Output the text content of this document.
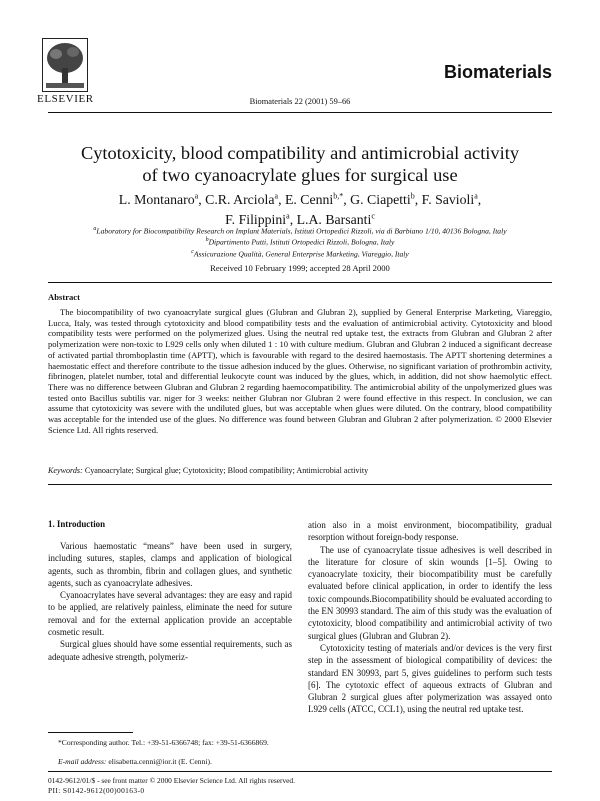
ELSEVIER	Biomaterials 22 (2001) 59–66
Biomaterials
Cytotoxicity, blood compatibility and antimicrobial activity
of two cyanoacrylate glues for surgical use
L. Montanaro$^a$, C.R. Arciola$^a$, E. Cenni$^{b,*}$, G. Ciapetti$^b$, F. Savioli$^a$,
F. Filippini$^a$, L.A. Barsanti$^c$
$^a$Laboratory for Biocompatibility Research on Implant Materials, Istituti Ortopedici Rizzoli, via di Barbiano 1/10, 40136 Bologna, Italy
$^b$Dipartimento Putti, Istituti Ortopedici Rizzoli, Bologna, Italy
$^c$Assicurazione Qualità, General Enterprise Marketing, Viareggio, Italy
Received 10 February 1999; accepted 28 April 2000
Abstract
The biocompatibility of two cyanoacrylate surgical glues (Glubran and Glubran 2), supplied by General Enterprise Marketing, Viareggio, Lucca, Italy, was tested through cytotoxicity and blood compatibility tests and the evaluation of antimicrobial activity. Cytotoxicity and blood compatibility tests were performed on the polymerized glues. Using the neutral red uptake test, the extracts from Glubran and Glubran 2 after polymerization were non-toxic to L929 cells only when diluted 1 : 10 with culture medium. Glubran and Glubran 2 induced a significant decrease of activated partial thromboplastin time (APTT), which is favourable with regard to the desired haemostasis. The APTT shortening determines a haemostatic effect and therefore contribute to the tissue adhesion induced by the glues. Otherwise, no significant variation of prothrombin activity, fibrinogen, platelet number, total and differential leukocyte count was induced by the glues, which, in addition, did not show haemolytic effect. There was no difference between Glubran and Glubran 2 regarding haemocompatibility. The antimicrobial ability of the unpolymerized glues was tested onto Bacillus subtilis var. niger for 3 weeks: neither Glubran nor Glubran 2 were found effective in this respect. In conclusion, we can assume that cytotoxicity was severe with the undiluted glues, but was acceptable when glues were diluted. On the contrary, blood compatibility was acceptable for the intended use of the glues. No difference was found between Glubran and Glubran 2 after polymerization. © 2000 Elsevier Science Ltd. All rights reserved.
Keywords: Cyanoacrylate; Surgical glue; Cytotoxicity; Blood compatibility; Antimicrobial activity
1. Introduction

Various haemostatic “means” have been used in surgery, including sutures, staples, clamps and application of biological agents, such as thrombin, fibrin and collagen glues, and synthetic agents, such as cyanoacrylate adhesives.

Cyanoacrylates have several advantages: they are easy and rapid to be applied, are relatively painless, eliminate the need for suture removal and for the external application provide an acceptable cosmetic result.

Surgical glues should have some essential requirements, such as adequate adhesive strength, polymeriz-

ation also in a moist environment, biocompatibility, gradual resorption without foreign-body response.

The use of cyanoacrylate tissue adhesives is well described in the literature for closure of skin wounds [1–5]. Owing to cyanoacrylate toxicity, their biocompatibility must be carefully evaluated before clinical application, in order to identify the less toxic compounds.Biocompatibility should be evaluated according to the EN 30993 standard. The aim of this study was the evaluation of cytotoxicity, blood compatibility and antimicrobial activity of two surgical glues (Glubran and Glubran 2).

Cytotoxicity testing of materials and/or devices is the very first step in the assessment of biological compatibility of devices: the standard EN 30993, part 5, gives guidelines to perform such tests [6]. The cytotoxic effect of aqueous extracts of Glubran and Glubran 2 surgical glues after polymerization was assayed onto L929 cells (ATCC, CCL1), using the neutral red uptake test.

*Corresponding author. Tel.: +39-51-6366748; fax: +39-51-6366869.
E-mail address: elisabetta.cenni@ior.it (E. Cenni).
0142-9612/01/$ - see front matter © 2000 Elsevier Science Ltd. All rights reserved.
PII: S0142-9612(00)00163-0
